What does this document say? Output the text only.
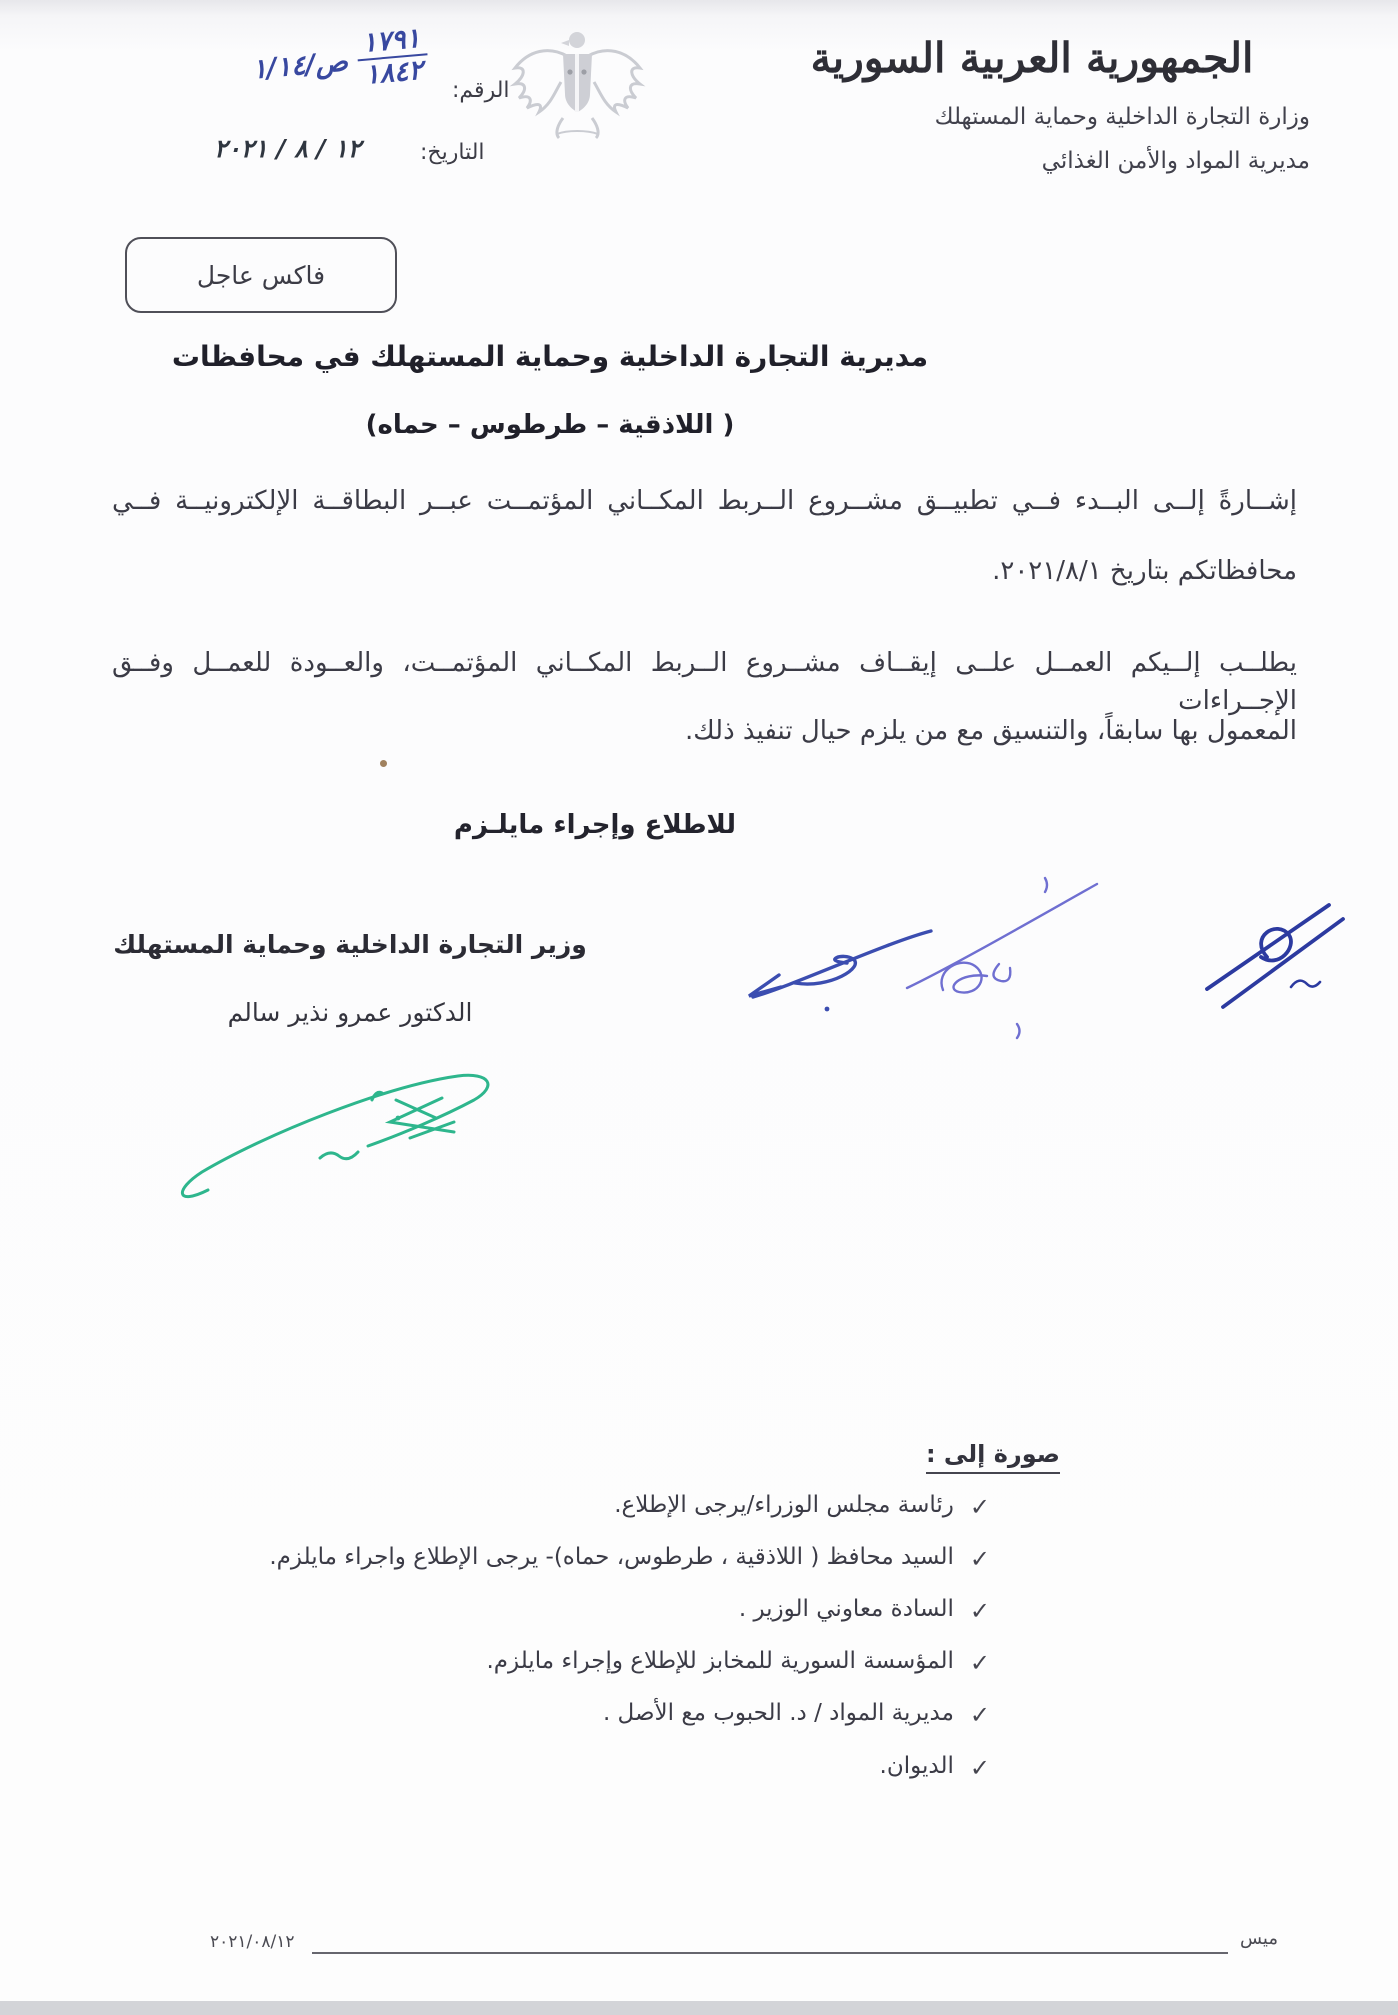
الجمهورية العربية السورية
وزارة التجارة الداخلية وحماية المستهلك
مديرية المواد والأمن الغذائي
الرقم:
$\frac{١٧٩١}{١٨٤٢}$
ص/١/١٤
التاريخ:
١٢ / ٨ / ٢٠٢١
فاكس عاجل
مديرية التجارة الداخلية وحماية المستهلك في محافظات
( اللاذقية – طرطوس – حماه)
إشــارةً إلــى البــدء فــي تطبيــق مشــروع الــربط المكــاني المؤتمــت عبــر البطاقــة الإلكترونيــة فــي
محافظاتكم بتاريخ ٢٠٢١/٨/١.
يطلــب إلــيكم العمــل علــى إيقــاف مشــروع الــربط المكــاني المؤتمــت، والعــودة للعمــل وفــق الإجــراءات
المعمول بها سابقاً، والتنسيق مع من يلزم حيال تنفيذ ذلك.
للاطلاع وإجراء مايلـزم
وزير التجارة الداخلية وحماية المستهلك
الدكتور عمرو نذير سالم
صورة إلى :
✓
رئاسة مجلس الوزراء/يرجى الإطلاع.
✓
السيد محافظ ( اللاذقية ، طرطوس، حماه)- يرجى الإطلاع واجراء مايلزم.
✓
السادة معاوني الوزير .
✓
المؤسسة السورية للمخابز للإطلاع وإجراء مايلزم.
✓
مديرية المواد / د. الحبوب مع الأصل .
✓
الديوان.
ميس
٢٠٢١/٠٨/١٢
